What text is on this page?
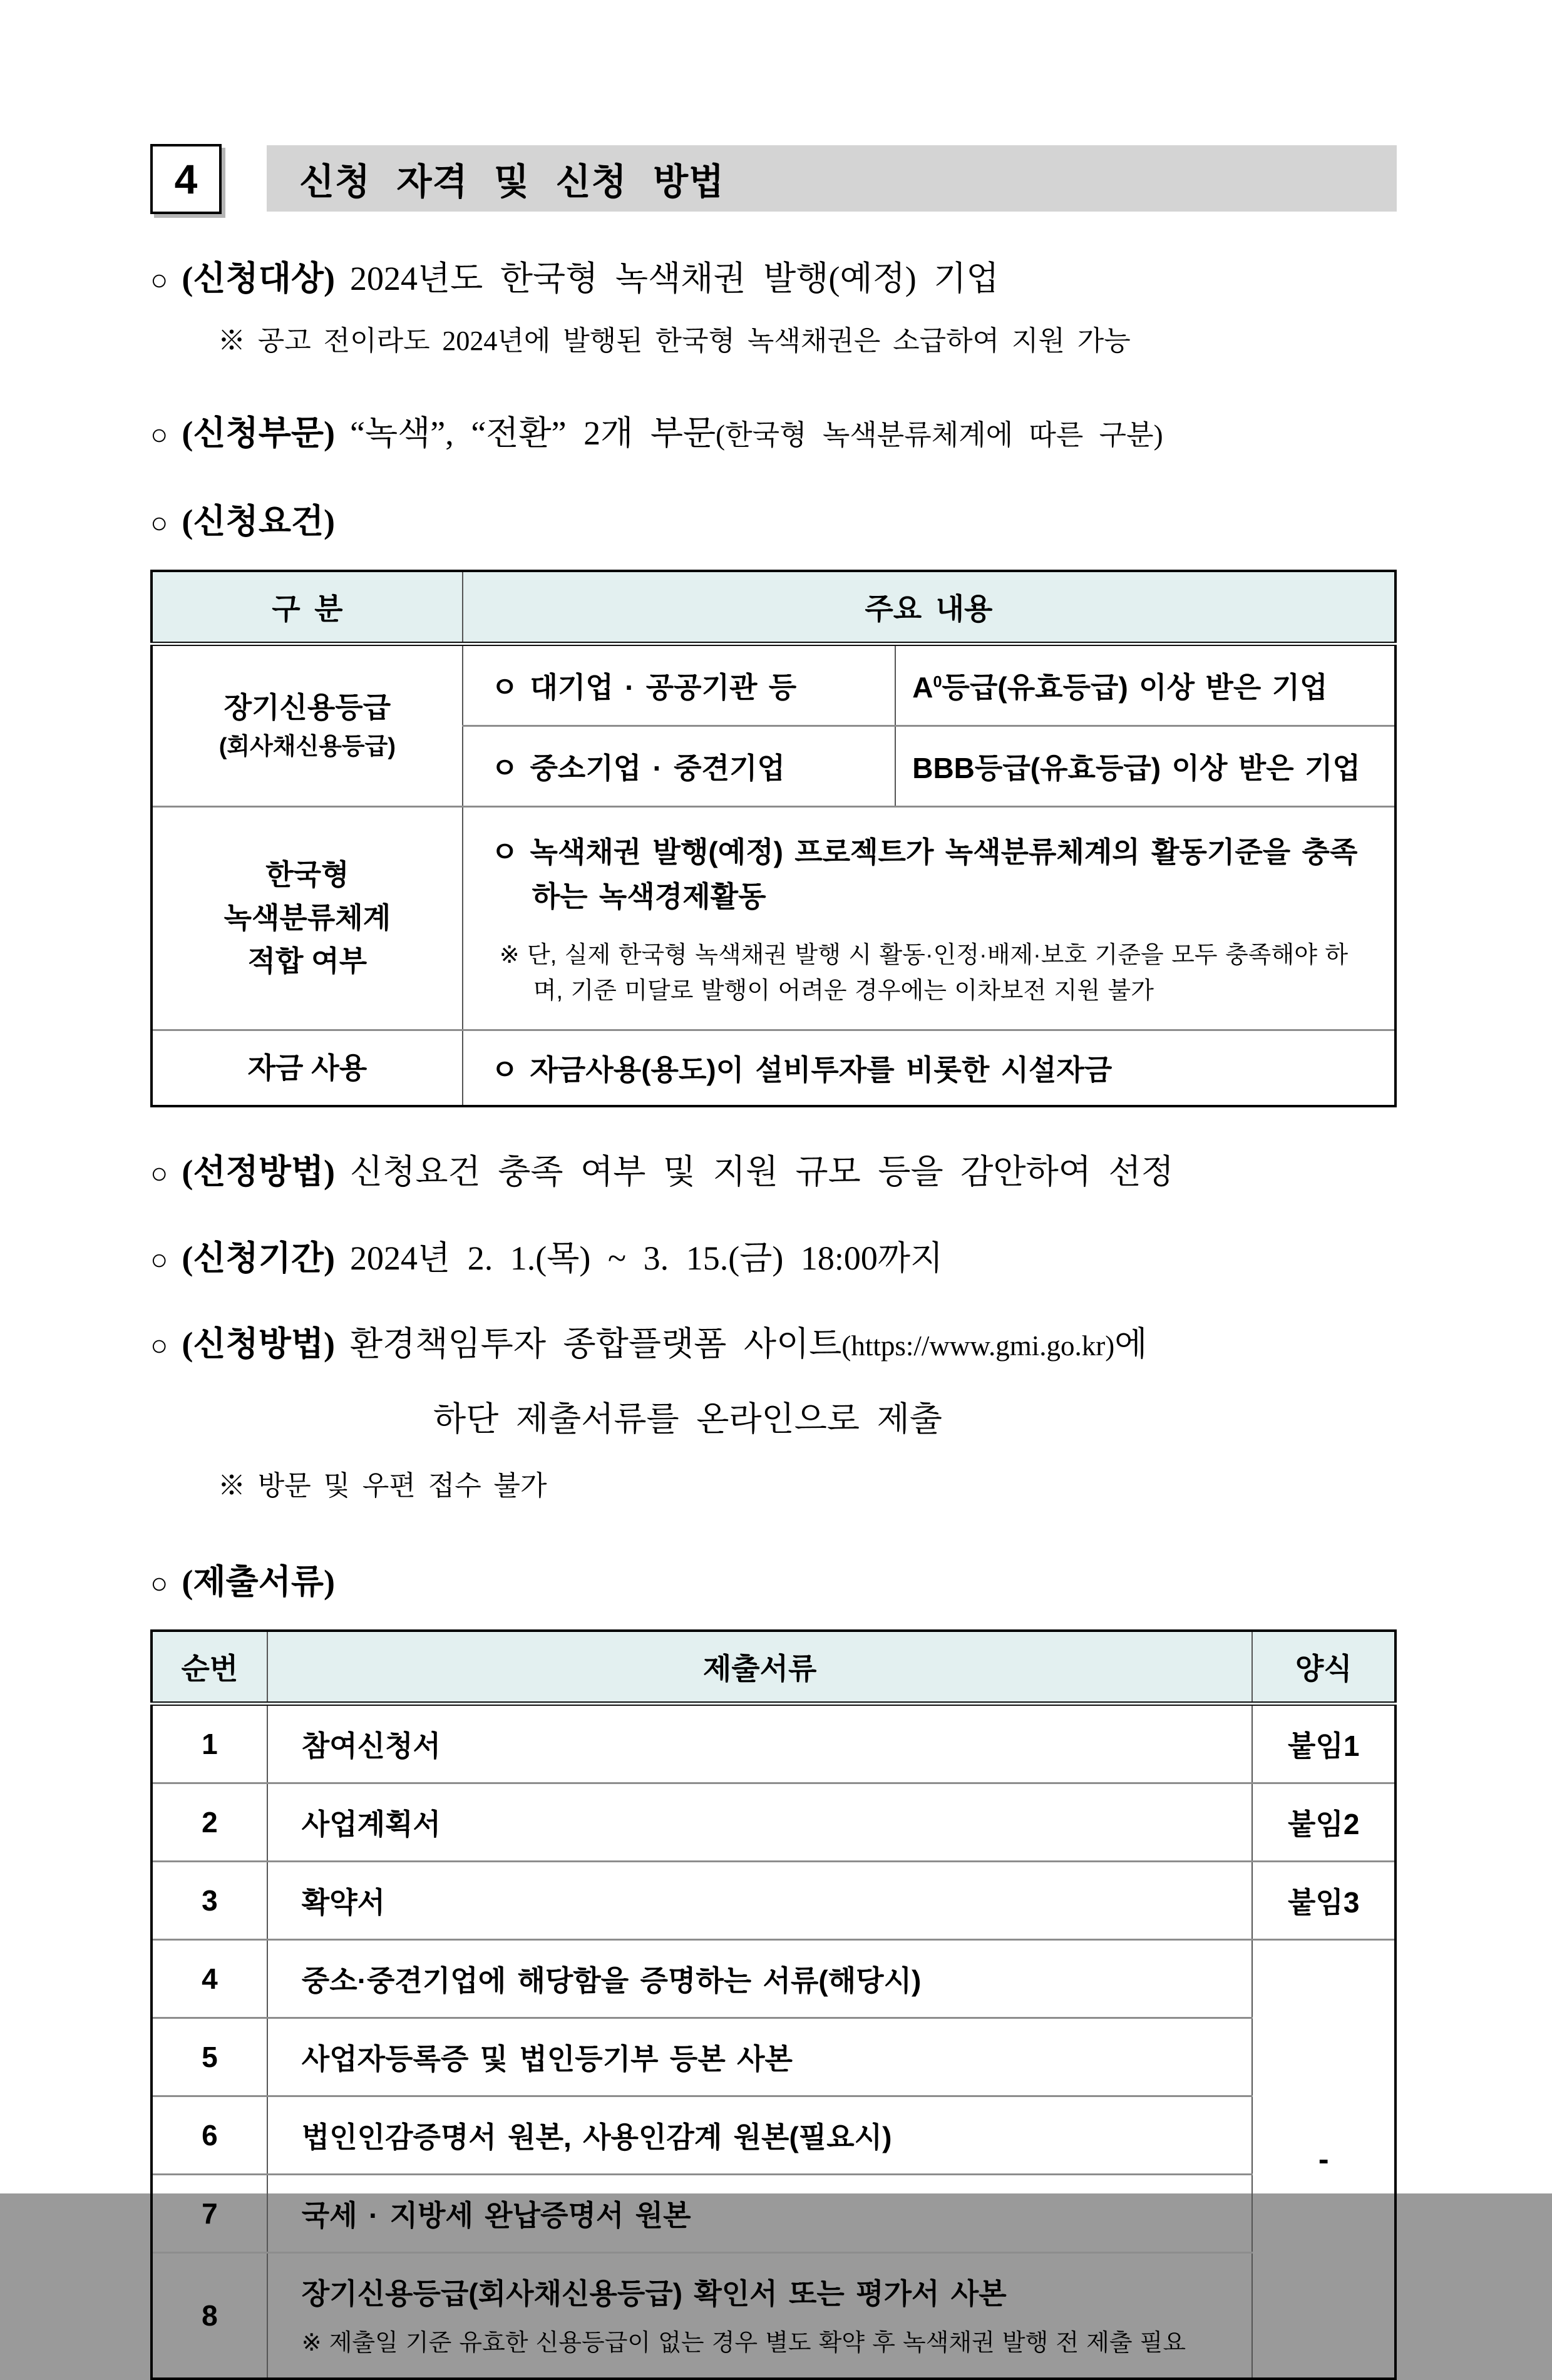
4	신청 자격 및 신청 방법
○ (신청대상) 2024년도 한국형 녹색채권 발행(예정) 기업
※ 공고 전이라도 2024년에 발행된 한국형 녹색채권은 소급하여 지원 가능
○ (신청부문) “녹색”, “전환” 2개 부문(한국형 녹색분류체계에 따른 구분)
○ (신청요건)
구 분	주요 내용	

장기신용등급
(회사채신용등급)	ㅇ 대기업 · 공공기관 등	$A^0$등급(유효등급) 이상 받은 기업
	ㅇ 중소기업 · 중견기업	BBB등급(유효등급) 이상 받은 기업

한국형
녹색분류체계
적합 여부

ㅇ 녹색채권 발행(예정) 프로젝트가 녹색분류체계의 활동기준을 충족하는 녹색경제활동
※ 단, 실제 한국형 녹색채권 발행 시 활동·인정·배제·보호 기준을 모두 충족해야 하며, 기준 미달로 발행이 어려운 경우에는 이차보전 지원 불가

자금 사용	ㅇ 자금사용(용도)이 설비투자를 비롯한 시설자금	
○ (선정방법) 신청요건 충족 여부 및 지원 규모 등을 감안하여 선정
○ (신청기간) 2024년 2. 1.(목) ~ 3. 15.(금) 18:00까지
○ (신청방법) 환경책임투자 종합플랫폼 사이트(https://www.gmi.go.kr)에
하단 제출서류를 온라인으로 제출
※ 방문 및 우편 접수 불가
○ (제출서류)
순번	제출서류	양식
1	참여신청서	붙임1
2	사업계획서	붙임2
3	확약서	붙임3
4	중소·중견기업에 해당함을 증명하는 서류(해당시)	-
5	사업자등록증 및 법인등기부 등본 사본	
6	법인인감증명서 원본, 사용인감계 원본(필요시)	
7	국세 · 지방세 완납증명서 원본	
8	장기신용등급(회사채신용등급) 확인서 또는 평가서 사본
※ 제출일 기준 유효한 신용등급이 없는 경우 별도 확약 후 녹색채권 발행 전 제출 필요	
